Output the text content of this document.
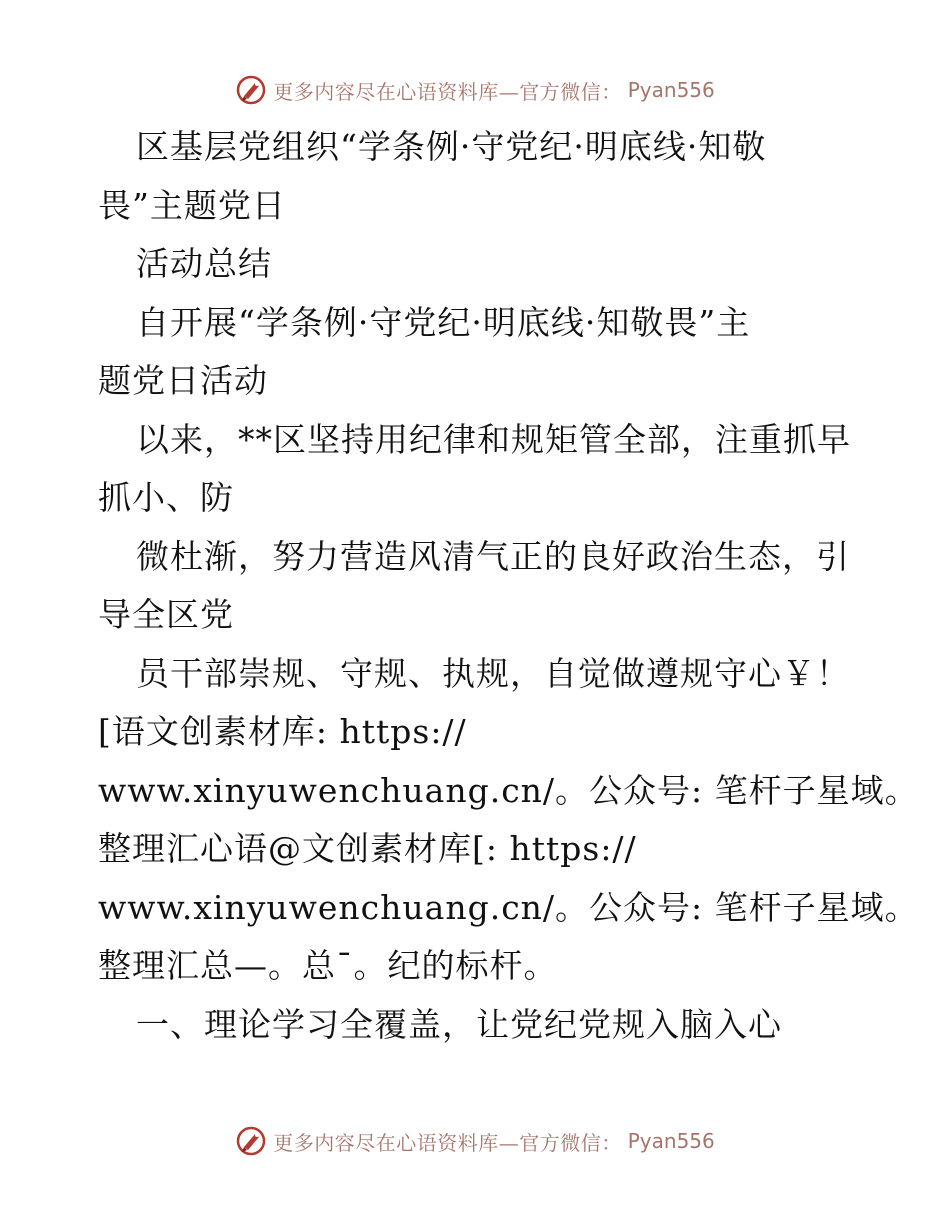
更多内容尽在心语资料库—官方微信： Pyan556
区基层党组织“学条例·守党纪·明底线·知敬
畏”主题党日
活动总结
自开展“学条例·守党纪·明底线·知敬畏”主
题党日活动
以来，**区坚持用纪律和规矩管全部，注重抓早
抓小、防
微杜渐，努力营造风清气正的良好政治生态，引
导全区党
员干部崇规、守规、执规，自觉做遵规守心￥！
[语文创素材库: https://
www.xinyuwenchuang.cn/。公众号: 笔杆子星域。
整理汇心语@文创素材库[: https://
www.xinyuwenchuang.cn/。公众号: 笔杆子星域。
整理汇总—。总¯。纪的标杆。
一、理论学习全覆盖，让党纪党规入脑入心
更多内容尽在心语资料库—官方微信： Pyan556
